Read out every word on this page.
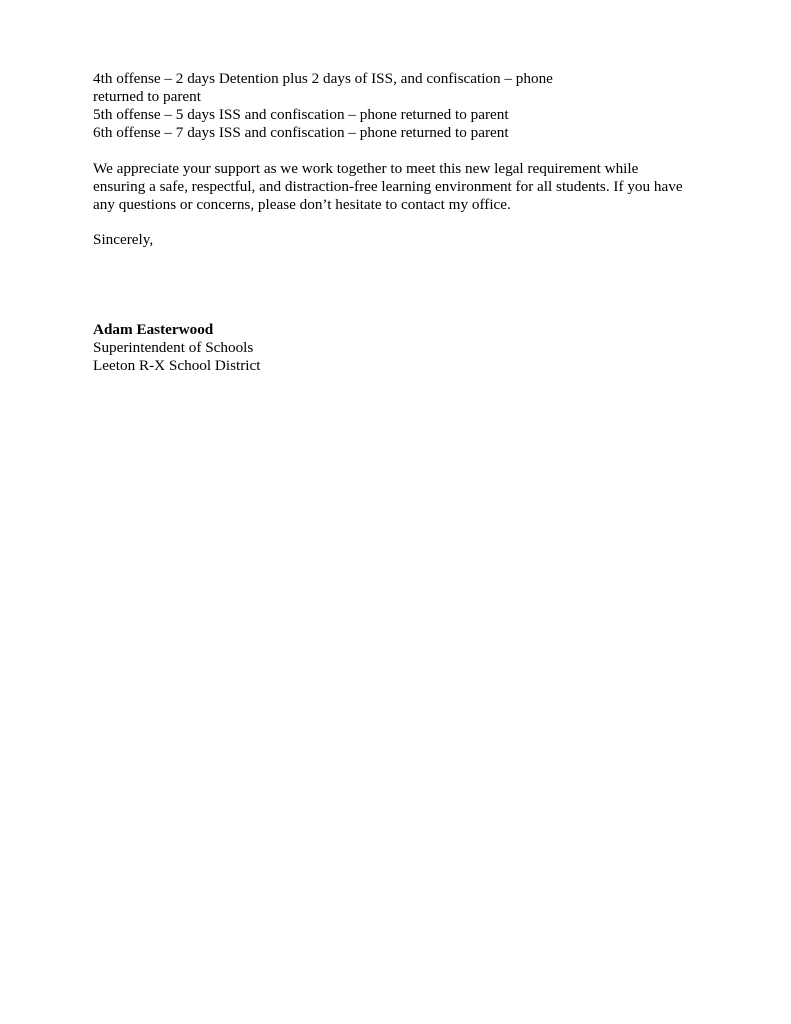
4th offense – 2 days Detention plus 2 days of ISS, and confiscation – phone
returned to parent
5th offense – 5 days ISS and confiscation – phone returned to parent
6th offense – 7 days ISS and confiscation – phone returned to parent
We appreciate your support as we work together to meet this new legal requirement while
ensuring a safe, respectful, and distraction-free learning environment for all students. If you have
any questions or concerns, please don’t hesitate to contact my office.
Sincerely,
Adam Easterwood
Superintendent of Schools
Leeton R-X School District
